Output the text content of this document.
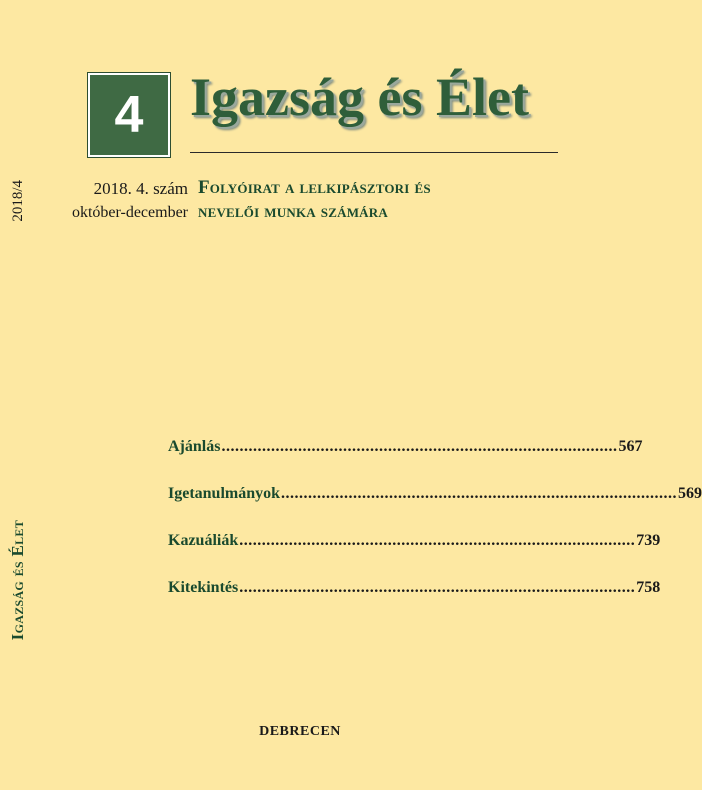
4 Igazság és Élet
2018. 4. szám
október-december
Folyóirat a lelkipásztori és
nevelői munka számára
2018/4
Igazság és Élet
Ajánlás ........................................................................................ 567
Igetanulmányok ........................................................................................ 569
Kazuáliák ........................................................................................ 739
Kitekintés ........................................................................................ 758
DEBRECEN
